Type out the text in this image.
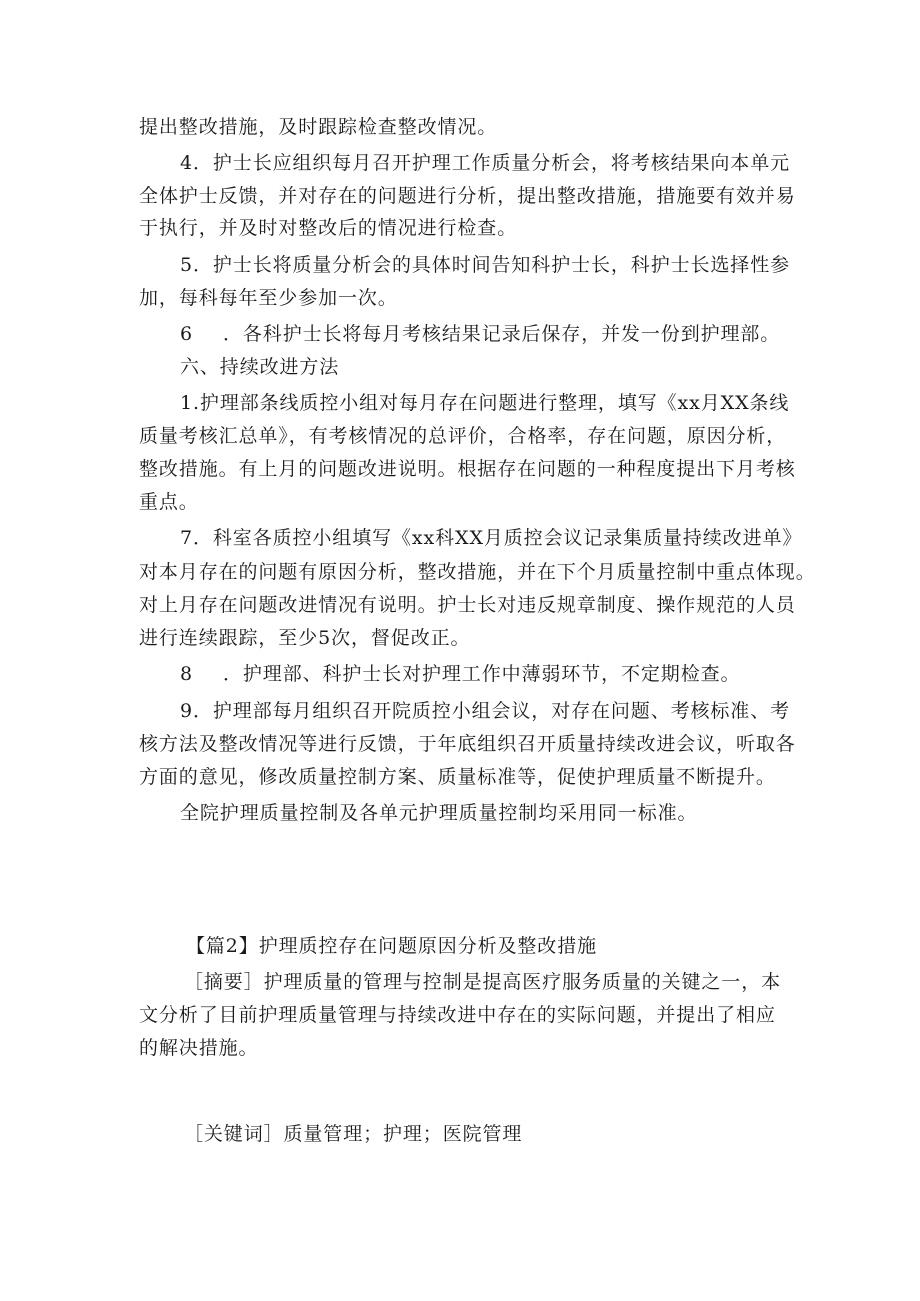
提出整改措施，及时跟踪检查整改情况。
4．护士长应组织每月召开护理工作质量分析会，将考核结果向本单元
全体护士反馈，并对存在的问题进行分析，提出整改措施，措施要有效并易
于执行，并及时对整改后的情况进行检查。
5．护士长将质量分析会的具体时间告知科护士长，科护士长选择性参
加，每科每年至少参加一次。
6 ．各科护士长将每月考核结果记录后保存，并发一份到护理部。
六、持续改进方法
1.护理部条线质控小组对每月存在问题进行整理，填写《xx月XX条线
质量考核汇总单》，有考核情况的总评价，合格率，存在问题，原因分析，
整改措施。有上月的问题改进说明。根据存在问题的一种程度提出下月考核
重点。
7．科室各质控小组填写《xx科XX月质控会议记录集质量持续改进单》
对本月存在的问题有原因分析，整改措施，并在下个月质量控制中重点体现。
对上月存在问题改进情况有说明。护士长对违反规章制度、操作规范的人员
进行连续跟踪，至少5次，督促改正。
8 ．护理部、科护士长对护理工作中薄弱环节，不定期检查。
9．护理部每月组织召开院质控小组会议，对存在问题、考核标准、考
核方法及整改情况等进行反馈，于年底组织召开质量持续改进会议，听取各
方面的意见，修改质量控制方案、质量标准等，促使护理质量不断提升。
全院护理质量控制及各单元护理质量控制均采用同一标准。
【篇2】护理质控存在问题原因分析及整改措施
［摘要］护理质量的管理与控制是提高医疗服务质量的关键之一，本
文分析了目前护理质量管理与持续改进中存在的实际问题，并提出了相应
的解决措施。
［关键词］质量管理；护理；医院管理
